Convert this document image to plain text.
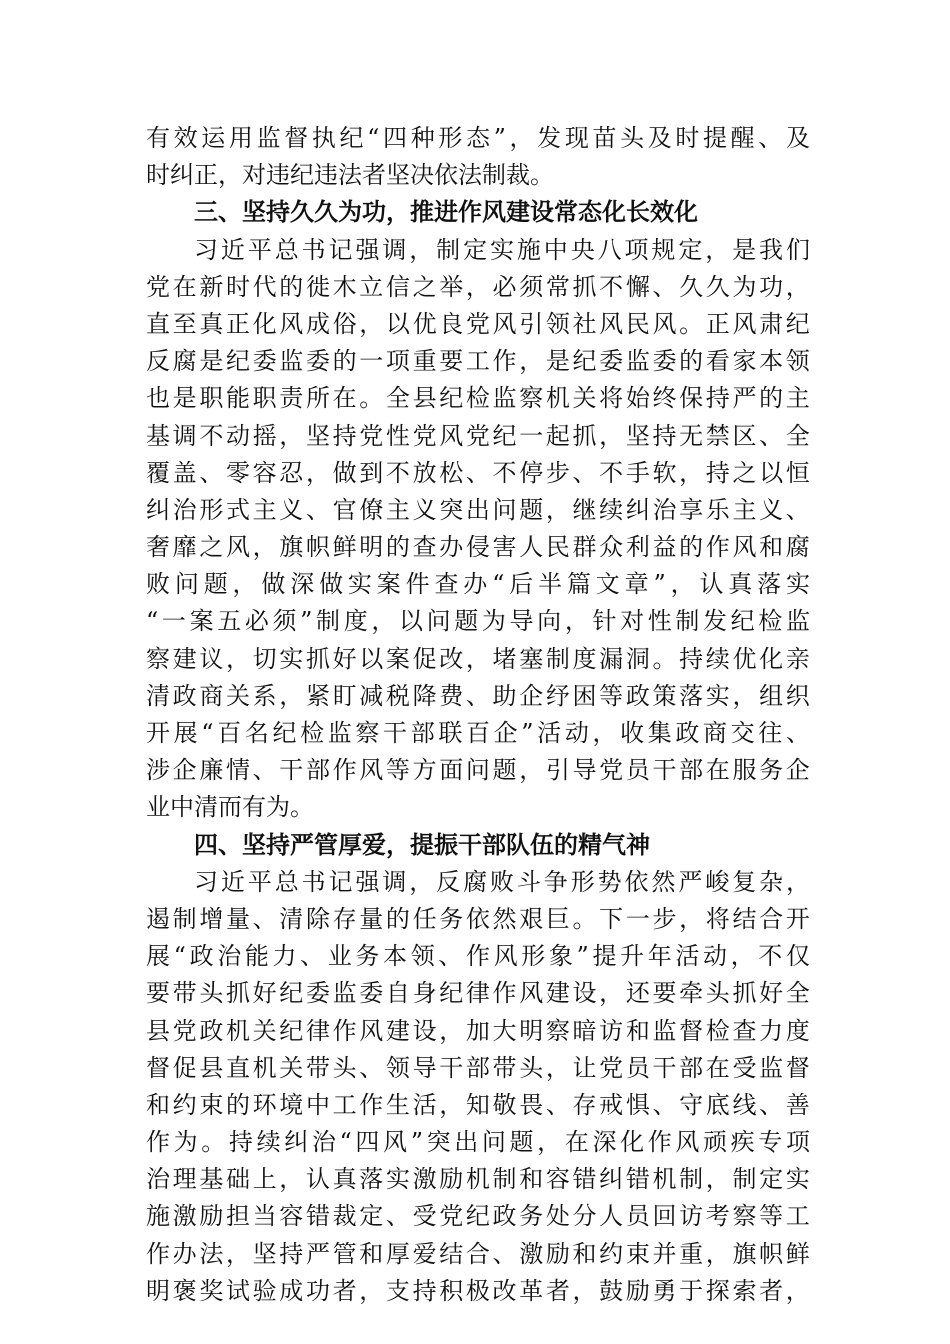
有 效 运 用 监 督 执 纪 “ 四 种 形 态 ” ， 发 现 苗 头 及 时 提 醒 、 及
时纠正，对违纪违法者坚决依法制裁。
三、坚持久久为功，推进作风建设常态化长效化
习 近 平 总 书 记 强 调 ， 制 定 实 施 中 央 八 项 规 定 ， 是 我 们
党 在 新 时 代 的 徙 木 立 信 之 举 ， 必 须 常 抓 不 懈 、 久 久 为 功 ，
直 至 真 正 化 风 成 俗 ， 以 优 良 党 风 引 领 社 风 民 风 。 正 风 肃 纪
反 腐 是 纪 委 监 委 的 一 项 重 要 工 作 ， 是 纪 委 监 委 的 看 家 本 领
也 是 职 能 职 责 所 在 。 全 县 纪 检 监 察 机 关 将 始 终 保 持 严 的 主
基 调 不 动 摇 ， 坚 持 党 性 党 风 党 纪 一 起 抓 ， 坚 持 无 禁 区 、 全
覆 盖 、 零 容 忍 ， 做 到 不 放 松 、 不 停 步 、 不 手 软 ， 持 之 以 恒
纠 治 形 式 主 义 、 官 僚 主 义 突 出 问 题 ， 继 续 纠 治 享 乐 主 义 、
奢 靡 之 风 ， 旗 帜 鲜 明 的 查 办 侵 害 人 民 群 众 利 益 的 作 风 和 腐
败 问 题 ， 做 深 做 实 案 件 查 办 “ 后 半 篇 文 章 ” ， 认 真 落 实
“ 一 案 五 必 须 ” 制 度 ， 以 问 题 为 导 向 ， 针 对 性 制 发 纪 检 监
察 建 议 ， 切 实 抓 好 以 案 促 改 ， 堵 塞 制 度 漏 洞 。 持 续 优 化 亲
清 政 商 关 系 ， 紧 盯 减 税 降 费 、 助 企 纾 困 等 政 策 落 实 ， 组 织
开 展 “ 百 名 纪 检 监 察 干 部 联 百 企 ” 活 动 ， 收 集 政 商 交 往 、
涉 企 廉 情 、 干 部 作 风 等 方 面 问 题 ， 引 导 党 员 干 部 在 服 务 企
业中清而有为。
四、坚持严管厚爱，提振干部队伍的精气神
习 近 平 总 书 记 强 调 ， 反 腐 败 斗 争 形 势 依 然 严 峻 复 杂 ，
遏 制 增 量 、 清 除 存 量 的 任 务 依 然 艰 巨 。 下 一 步 ， 将 结 合 开
展 “ 政 治 能 力 、 业 务 本 领 、 作 风 形 象 ” 提 升 年 活 动 ， 不 仅
要 带 头 抓 好 纪 委 监 委 自 身 纪 律 作 风 建 设 ， 还 要 牵 头 抓 好 全
县 党 政 机 关 纪 律 作 风 建 设 ， 加 大 明 察 暗 访 和 监 督 检 查 力 度
督 促 县 直 机 关 带 头 、 领 导 干 部 带 头 ， 让 党 员 干 部 在 受 监 督
和 约 束 的 环 境 中 工 作 生 活 ， 知 敬 畏 、 存 戒 惧 、 守 底 线 、 善
作 为 。 持 续 纠 治 “ 四 风 ” 突 出 问 题 ， 在 深 化 作 风 顽 疾 专 项
治 理 基 础 上 ， 认 真 落 实 激 励 机 制 和 容 错 纠 错 机 制 ， 制 定 实
施 激 励 担 当 容 错 裁 定 、 受 党 纪 政 务 处 分 人 员 回 访 考 察 等 工
作 办 法 ， 坚 持 严 管 和 厚 爱 结 合 、 激 励 和 约 束 并 重 ， 旗 帜 鲜
明 褒 奖 试 验 成 功 者 ， 支 持 积 极 改 革 者 ， 鼓 励 勇 于 探 索 者 ，
